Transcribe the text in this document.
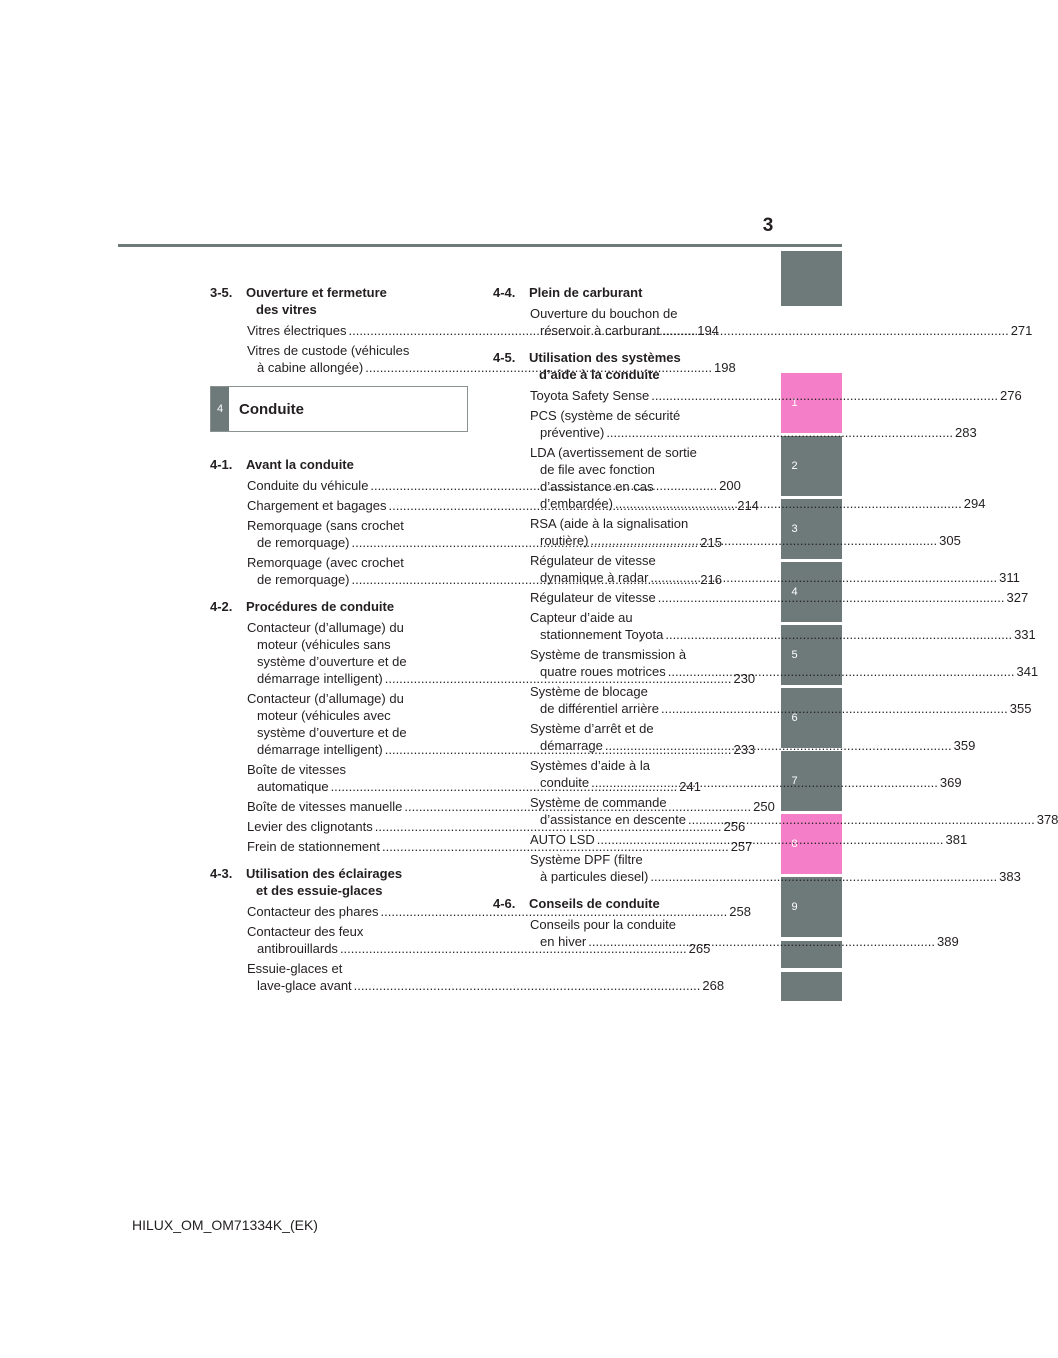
3
1
2
3
4
5
6
7
8
9
3-5.	Ouverture et fermeture
des vitres
Vitres électriques .....	194
Vitres de custode (véhicules
à cabine allongée) .....	198
4	Conduite
4-1.	Avant la conduite
Conduite du véhicule .....	200
Chargement et bagages .....	214
Remorquage (sans crochet
de remorquage) .....	215
Remorquage (avec crochet
de remorquage) .....	216
4-2.	Procédures de conduite
Contacteur (d’allumage) du
moteur (véhicules sans
système d’ouverture et de
démarrage intelligent) .....	230
Contacteur (d’allumage) du
moteur (véhicules avec
système d’ouverture et de
démarrage intelligent) .....	233
Boîte de vitesses
automatique .....	241
Boîte de vitesses manuelle .....	250
Levier des clignotants .....	256
Frein de stationnement .....	257
4-3.	Utilisation des éclairages
et des essuie-glaces
Contacteur des phares .....	258
Contacteur des feux
antibrouillards .....	265
Essuie-glaces et
lave-glace avant .....	268
4-4.	Plein de carburant
Ouverture du bouchon de
réservoir à carburant .....	271
4-5.	Utilisation des systèmes
d’aide à la conduite
Toyota Safety Sense .....	276
PCS (système de sécurité
préventive) .....	283
LDA (avertissement de sortie
de file avec fonction
d’assistance en cas
d’embardée) .....	294
RSA (aide à la signalisation
routière) .....	305
Régulateur de vitesse
dynamique à radar .....	311
Régulateur de vitesse .....	327
Capteur d’aide au
stationnement Toyota .....	331
Système de transmission à
quatre roues motrices .....	341
Système de blocage
de différentiel arrière .....	355
Système d’arrêt et de
démarrage .....	359
Systèmes d’aide à la
conduite .....	369
Système de commande
d’assistance en descente .....	378
AUTO LSD .....	381
Système DPF (filtre
à particules diesel) .....	383
4-6.	Conseils de conduite
Conseils pour la conduite
en hiver .....	389
HILUX_OM_OM71334K_(EK)
